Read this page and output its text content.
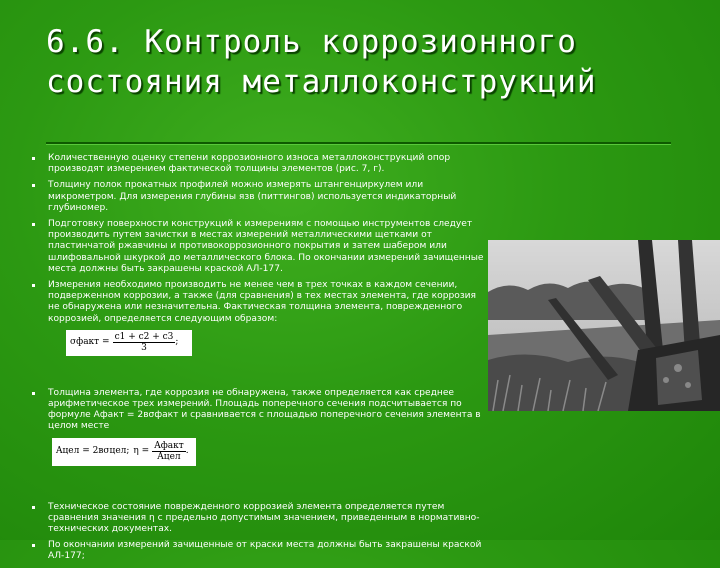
6.6. Контроль коррозионного состояния металлоконструкций
Количественную оценку степени коррозионного износа металлоконструкций опор производят измерением фактической толщины элементов (рис. 7, г).
Толщину полок прокатных профилей можно измерять штангенциркулем или микрометром. Для измерения глубины язв (питтингов) используется индикаторный глубиномер.
Подготовку поверхности конструкций к измерениям с помощью инструментов следует производить путем зачистки в местах измерений металлическими щетками от пластинчатой ржавчины и противокоррозионного покрытия и затем шабером или шлифовальной шкуркой до металлического блока. По окончании измерений зачищенные места должны быть закрашены краской АЛ-177.
Измерения необходимо производить не менее чем в трех точках в каждом сечении, подверженном коррозии, а также (для сравнения) в тех местах элемента, где коррозия не обнаружена или незначительна. Фактическая толщина элемента, поврежденного коррозией, определяется следующим образом:
σфакт = $\frac{с1 + с2 + с3}{3}$ ;
Толщина элемента, где коррозия не обнаружена, также определяется как среднее арифметическое трех измерений. Площадь поперечного сечения подсчитывается по формуле Афакт = 2вσфакт и сравнивается с площадью поперечного сечения элемента в целом месте
Aцел = 2вσцел; $\eta = \frac{\text{Aфакт}}{\text{Aцел}}$ .
Техническое состояние поврежденного коррозией элемента определяется путем сравнения значения η с предельно допустимым значением, приведенным в нормативно-технических документах.
По окончании измерений зачищенные от краски места должны быть закрашены краской АЛ-177;
